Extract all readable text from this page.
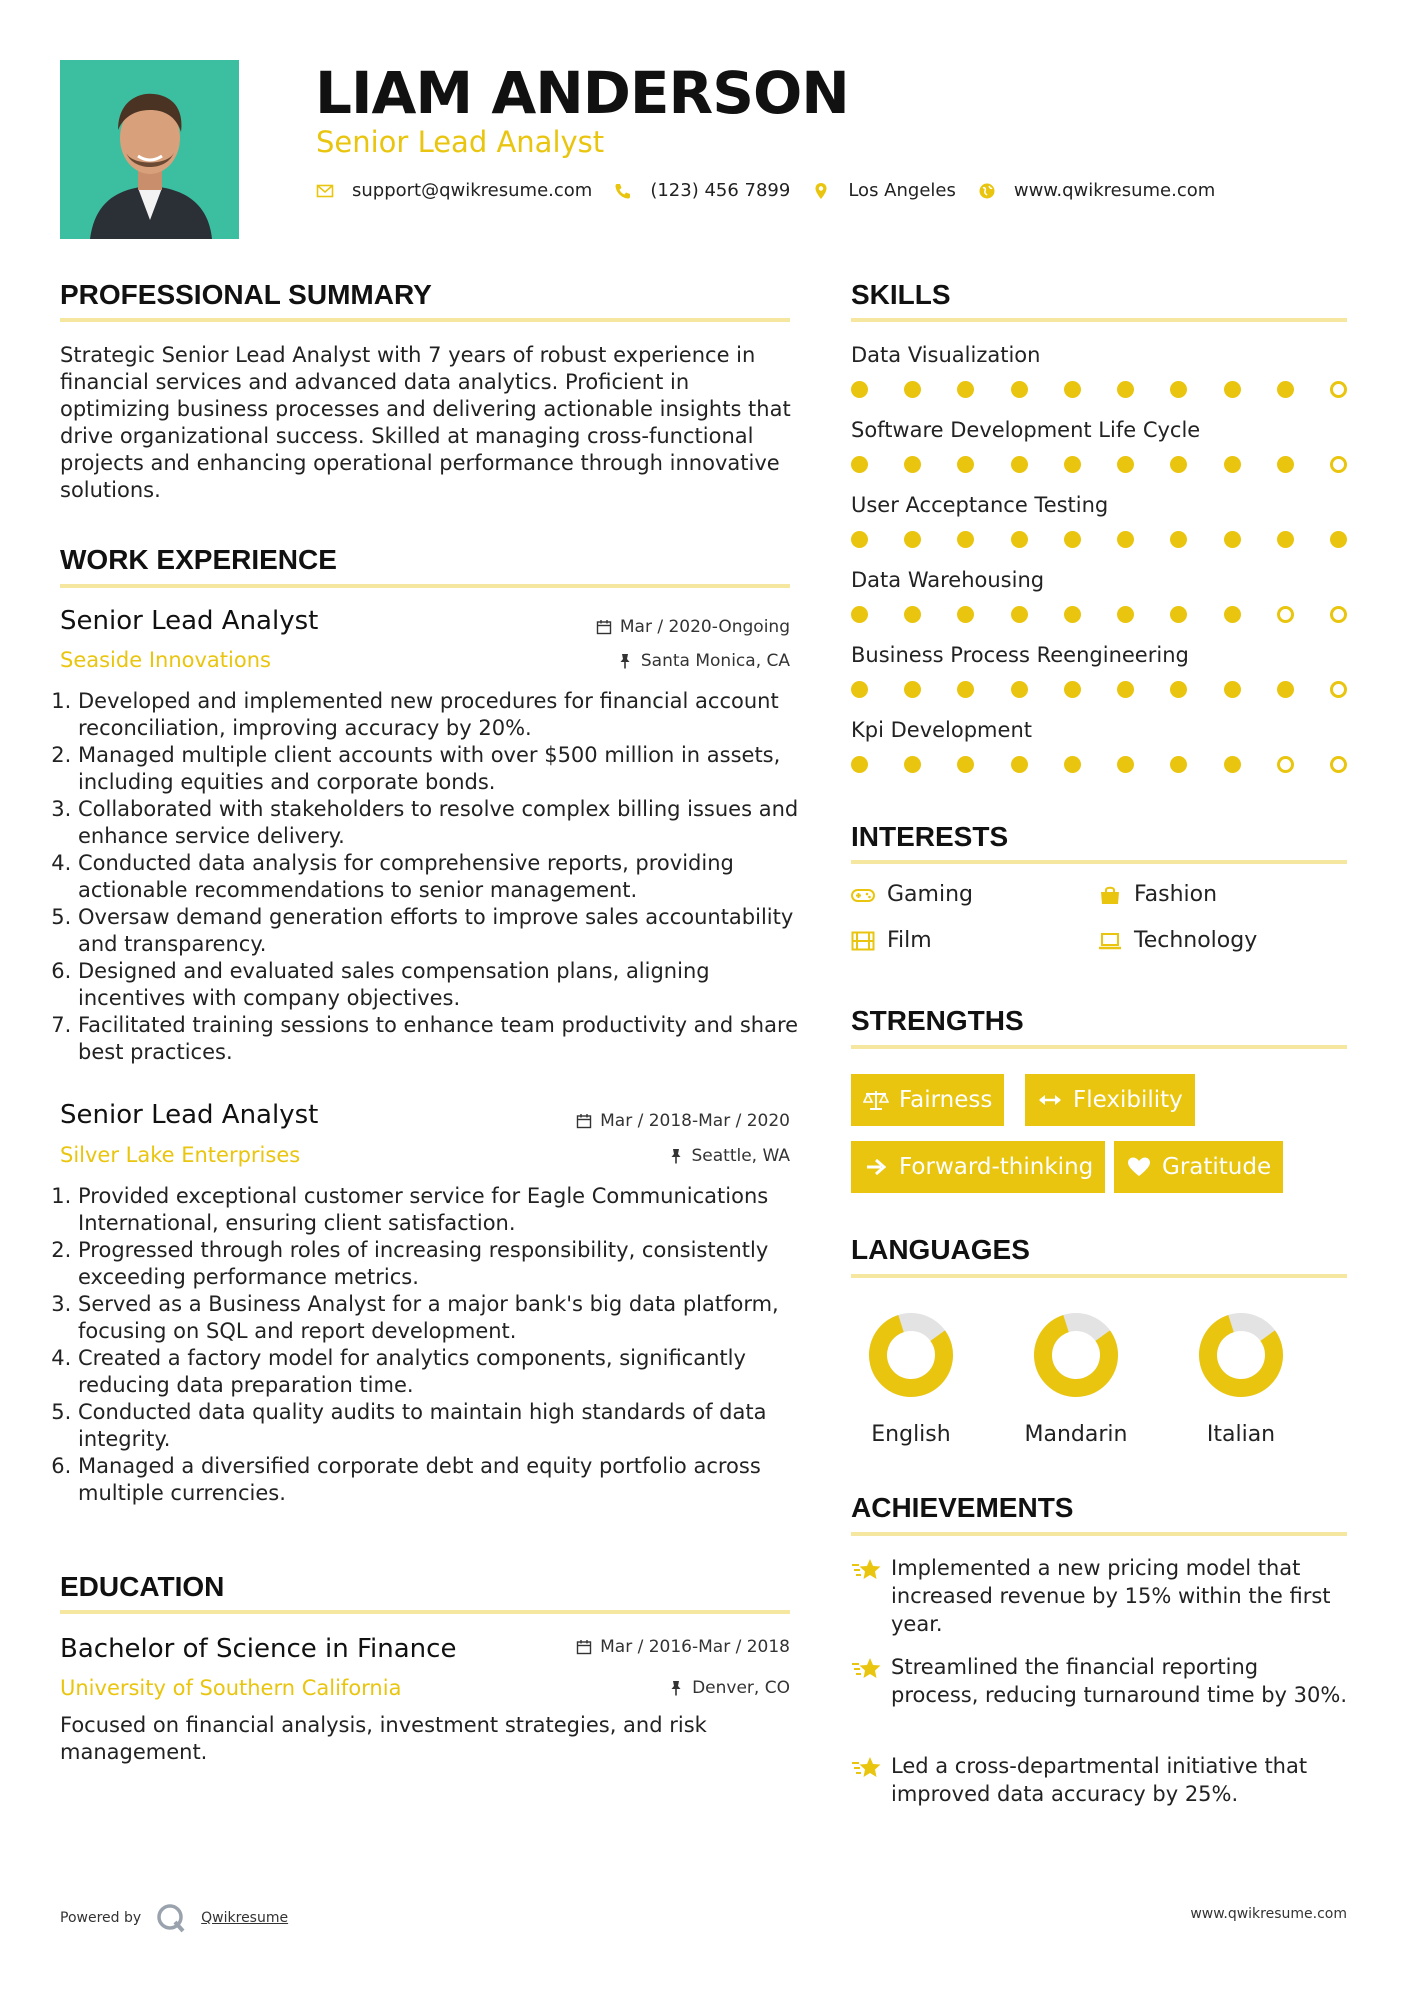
LIAM ANDERSON
Senior Lead Analyst
support@qwikresume.com	(123) 456 7899	Los Angeles	www.qwikresume.com
PROFESSIONAL SUMMARY
Strategic Senior Lead Analyst with 7 years of robust experience in financial services and advanced data analytics. Proficient in optimizing business processes and delivering actionable insights that drive organizational success. Skilled at managing cross-functional projects and enhancing operational performance through innovative solutions.
WORK EXPERIENCE
Senior Lead Analyst	Mar / 2020-Ongoing
Seaside Innovations	Santa Monica, CA
1. Developed and implemented new procedures for financial account reconciliation, improving accuracy by 20%.
2. Managed multiple client accounts with over $500 million in assets, including equities and corporate bonds.
3. Collaborated with stakeholders to resolve complex billing issues and enhance service delivery.
4. Conducted data analysis for comprehensive reports, providing actionable recommendations to senior management.
5. Oversaw demand generation efforts to improve sales accountability and transparency.
6. Designed and evaluated sales compensation plans, aligning incentives with company objectives.
7. Facilitated training sessions to enhance team productivity and share best practices.
Senior Lead Analyst	Mar / 2018-Mar / 2020
Silver Lake Enterprises	Seattle, WA
1. Provided exceptional customer service for Eagle Communications International, ensuring client satisfaction.
2. Progressed through roles of increasing responsibility, consistently exceeding performance metrics.
3. Served as a Business Analyst for a major bank's big data platform, focusing on SQL and report development.
4. Created a factory model for analytics components, significantly reducing data preparation time.
5. Conducted data quality audits to maintain high standards of data integrity.
6. Managed a diversified corporate debt and equity portfolio across multiple currencies.
EDUCATION
Bachelor of Science in Finance	Mar / 2016-Mar / 2018
University of Southern California	Denver, CO
Focused on financial analysis, investment strategies, and risk management.
SKILLS
Data Visualization
Software Development Life Cycle
User Acceptance Testing
Data Warehousing
Business Process Reengineering
Kpi Development
INTERESTS
Gaming	Fashion
Film	Technology
STRENGTHS
Fairness	Flexibility
Forward-thinking	Gratitude
LANGUAGES
English	Mandarin	Italian
ACHIEVEMENTS
Implemented a new pricing model that increased revenue by 15% within the first year.
Streamlined the financial reporting process, reducing turnaround time by 30%.
Led a cross-departmental initiative that improved data accuracy by 25%.
Powered by	Qwikresume	www.qwikresume.com
